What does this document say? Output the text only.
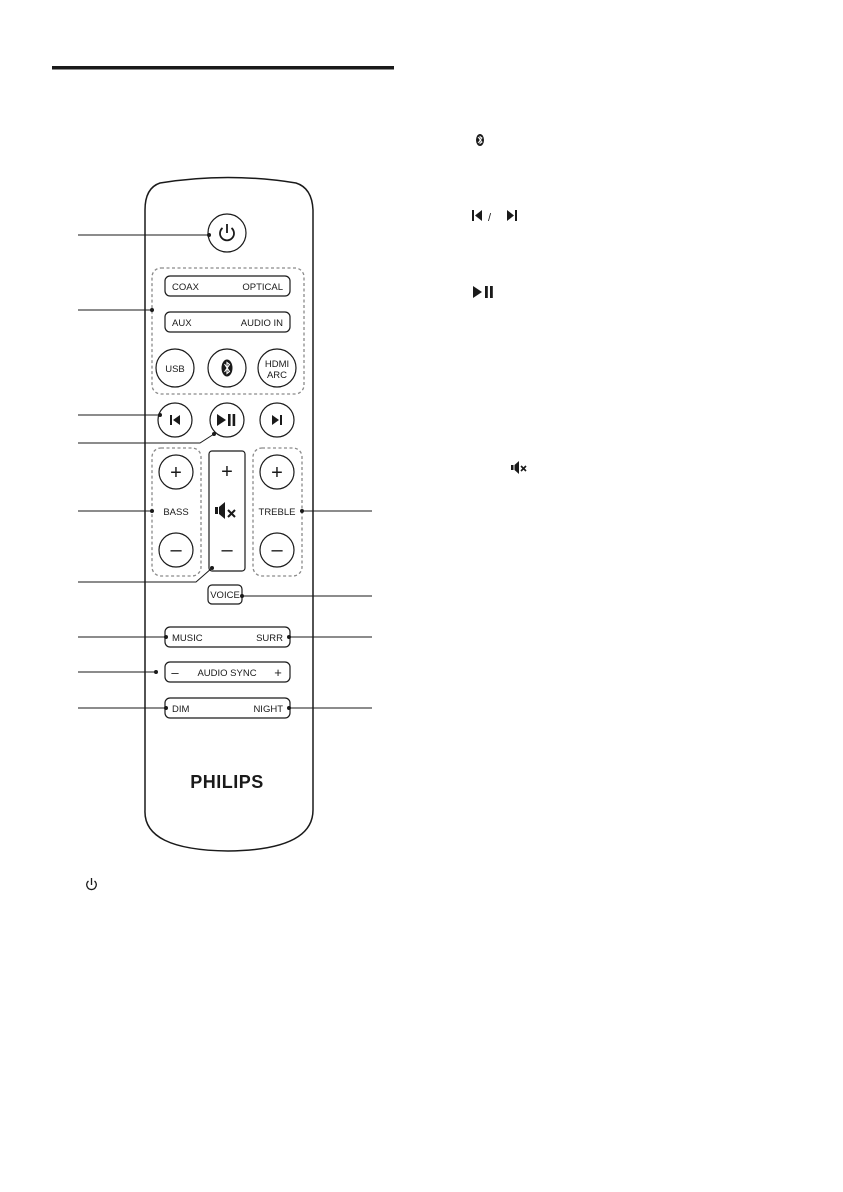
COAX	OPTICAL
AUX	AUDIO IN
USB	HDMI
ARC
+
BASS
–
+
–
+
TREBLE
–
VOICE
MUSIC	SURR
– AUDIO SYNC +
DIM	NIGHT
PHILIPS
/
